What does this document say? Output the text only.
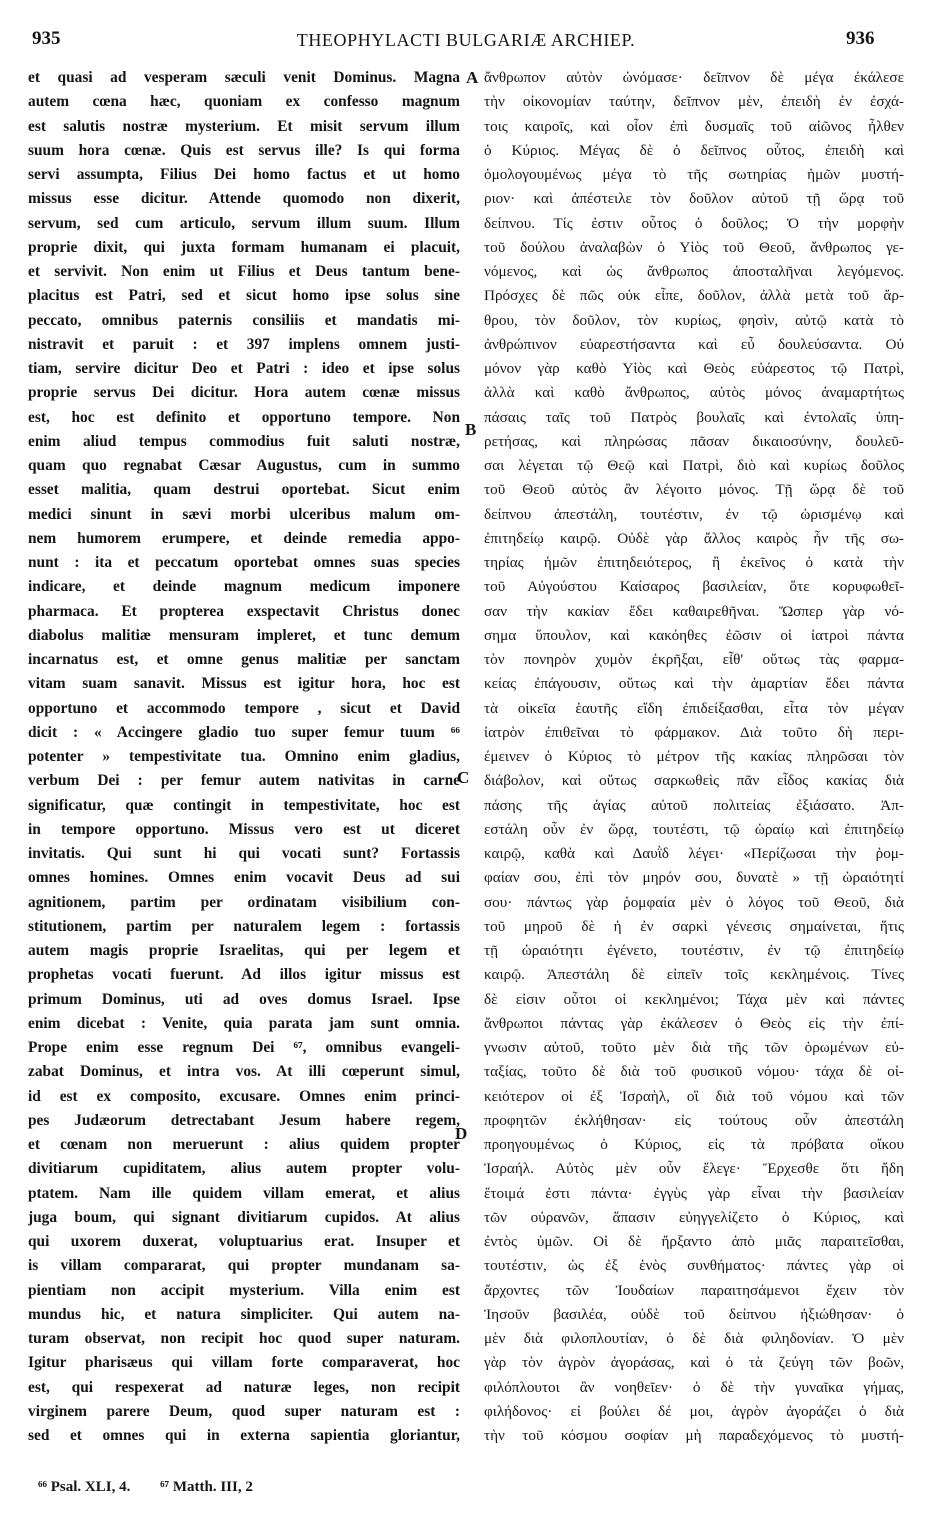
935	THEOPHYLACTI BULGARIÆ ARCHIEP.	936
et quasi ad vesperam sæculi venit Dominus. Magna
autem cœna hæc, quoniam ex confesso magnum
est salutis nostræ mysterium. Et misit servum illum
suum hora cœnæ. Quis est servus ille? Is qui forma
servi assumpta, Filius Dei homo factus et ut homo
missus esse dicitur. Attende quomodo non dixerit,
servum, sed cum articulo, servum illum suum. Illum
proprie dixit, qui juxta formam humanam ei placuit,
et servivit. Non enim ut Filius et Deus tantum bene-
placitus est Patri, sed et sicut homo ipse solus sine
peccato, omnibus paternis consiliis et mandatis mi-
nistravit et paruit : et 397 implens omnem justi-
tiam, servire dicitur Deo et Patri : ideo et ipse solus
proprie servus Dei dicitur. Hora autem cœnæ missus
est, hoc est definito et opportuno tempore. Non
enim aliud tempus commodius fuit saluti nostræ,
quam quo regnabat Cæsar Augustus, cum in summo
esset malitia, quam destrui oportebat. Sicut enim
medici sinunt in sævi morbi ulceribus malum om-
nem humorem erumpere, et deinde remedia appo-
nunt : ita et peccatum oportebat omnes suas species
indicare, et deinde magnum medicum imponere
pharmaca. Et propterea exspectavit Christus donec
diabolus malitiæ mensuram impleret, et tunc demum
incarnatus est, et omne genus malitiæ per sanctam
vitam suam sanavit. Missus est igitur hora, hoc est
opportuno et accommodo tempore , sicut et David
dicit : « Accingere gladio tuo super femur tuum ⁶⁶
potenter » tempestivitate tua. Omnino enim gladius,
verbum Dei : per femur autem nativitas in carne
significatur, quæ contingit in tempestivitate, hoc est
in tempore opportuno. Missus vero est ut diceret
invitatis. Qui sunt hi qui vocati sunt? Fortassis
omnes homines. Omnes enim vocavit Deus ad sui
agnitionem, partim per ordinatam visibilium con-
stitutionem, partim per naturalem legem : fortassis
autem magis proprie Israelitas, qui per legem et
prophetas vocati fuerunt. Ad illos igitur missus est
primum Dominus, uti ad oves domus Israel. Ipse
enim dicebat : Venite, quia parata jam sunt omnia.
Prope enim esse regnum Dei ⁶⁷, omnibus evangeli-
zabat Dominus, et intra vos. At illi cœperunt simul,
id est ex composito, excusare. Omnes enim princi-
pes Judæorum detrectabant Jesum habere regem,
et cœnam non meruerunt : alius quidem propter
divitiarum cupiditatem, alius autem propter volu-
ptatem. Nam ille quidem villam emerat, et alius
juga boum, qui signant divitiarum cupidos. At alius
qui uxorem duxerat, voluptuarius erat. Insuper et
is villam compararat, qui propter mundanam sa-
pientiam non accipit mysterium. Villa enim est
mundus hic, et natura simpliciter. Qui autem na-
turam observat, non recipit hoc quod super naturam.
Igitur pharisæus qui villam forte comparaverat, hoc
est, qui respexerat ad naturæ leges, non recipit
virginem parere Deum, quod super naturam est :
sed et omnes qui in externa sapientia gloriantur,
ἄνθρωπον αὐτὸν ὠνόμασε· δεῖπνον δὲ μέγα ἐκάλεσε
τὴν οἰκονομίαν ταύτην, δεῖπνον μὲν, ἐπειδὴ ἐν ἐσχά-
τοις καιροῖς, καὶ οἷον ἐπὶ δυσμαῖς τοῦ αἰῶνος ἦλθεν
ὁ Κύριος. Μέγας δὲ ὁ δεῖπνος οὗτος, ἐπειδὴ καὶ
ὁμολογουμένως μέγα τὸ τῆς σωτηρίας ἡμῶν μυστή-
ριον· καὶ ἀπέστειλε τὸν δοῦλον αὐτοῦ τῇ ὥρᾳ τοῦ
δείπνου. Τίς ἐστιν οὗτος ὁ δοῦλος; Ὁ τὴν μορφὴν
τοῦ δούλου ἀναλαβὼν ὁ Υἱὸς τοῦ Θεοῦ, ἄνθρωπος γε-
νόμενος, καὶ ὡς ἄνθρωπος ἀποσταλῆναι λεγόμενος.
Πρόσχες δὲ πῶς οὐκ εἶπε, δοῦλον, ἀλλὰ μετὰ τοῦ ἄρ-
θρου, τὸν δοῦλον, τὸν κυρίως, φησὶν, αὐτῷ κατὰ τὸ
ἀνθρώπινον εὐαρεστήσαντα καὶ εὖ δουλεύσαντα. Οὐ
μόνον γὰρ καθὸ Υἱὸς καὶ Θεὸς εὐάρεστος τῷ Πατρὶ,
ἀλλὰ καὶ καθὸ ἄνθρωπος, αὐτὸς μόνος ἀναμαρτήτως
πάσαις ταῖς τοῦ Πατρὸς βουλαῖς καὶ ἐντολαῖς ὑπη-
ρετήσας, καὶ πληρώσας πᾶσαν δικαιοσύνην, δουλεῦ-
σαι λέγεται τῷ Θεῷ καὶ Πατρὶ, διὸ καὶ κυρίως δοῦλος
τοῦ Θεοῦ αὐτὸς ἂν λέγοιτο μόνος. Τῇ ὥρᾳ δὲ τοῦ
δείπνου ἀπεστάλη, τουτέστιν, ἐν τῷ ὡρισμένῳ καὶ
ἐπιτηδείῳ καιρῷ. Οὐδὲ γὰρ ἄλλος καιρὸς ἦν τῆς σω-
τηρίας ἡμῶν ἐπιτηδειότερος, ἢ ἐκεῖνος ὁ κατὰ τὴν
τοῦ Αὐγούστου Καίσαρος βασιλείαν, ὅτε κορυφωθεῖ-
σαν τὴν κακίαν ἔδει καθαιρεθῆναι. Ὥσπερ γὰρ νό-
σημα ὕπουλον, καὶ κακόηθες ἐῶσιν οἱ ἰατροὶ πάντα
τὸν πονηρὸν χυμὸν ἐκρῆξαι, εἶθ' οὕτως τὰς φαρμα-
κείας ἐπάγουσιν, οὕτως καὶ τὴν ἁμαρτίαν ἔδει πάντα
τὰ οἰκεῖα ἑαυτῆς εἴδη ἐπιδείξασθαι, εἶτα τὸν μέγαν
ἰατρὸν ἐπιθεῖναι τὸ φάρμακον. Διὰ τοῦτο δὴ περι-
έμεινεν ὁ Κύριος τὸ μέτρον τῆς κακίας πληρῶσαι τὸν
διάβολον, καὶ οὕτως σαρκωθεὶς πᾶν εἶδος κακίας διὰ
πάσης τῆς ἁγίας αὐτοῦ πολιτείας ἐξιάσατο. Ἀπ-
εστάλη οὖν ἐν ὥρᾳ, τουτέστι, τῷ ὡραίῳ καὶ ἐπιτηδείῳ
καιρῷ, καθὰ καὶ Δαυῒδ λέγει· «Περίζωσαι τὴν ῥομ-
φαίαν σου, ἐπὶ τὸν μηρόν σου, δυνατὲ » τῇ ὡραιότητί
σου· πάντως γὰρ ῥομφαία μὲν ὁ λόγος τοῦ Θεοῦ, διὰ
τοῦ μηροῦ δὲ ἡ ἐν σαρκὶ γένεσις σημαίνεται, ἥτις
τῇ ὡραιότητι ἐγένετο, τουτέστιν, ἐν τῷ ἐπιτηδείῳ
καιρῷ. Ἀπεστάλη δὲ εἰπεῖν τοῖς κεκλημένοις. Τίνες
δὲ εἰσιν οὗτοι οἱ κεκλημένοι; Τάχα μὲν καὶ πάντες
ἄνθρωποι πάντας γὰρ ἐκάλεσεν ὁ Θεὸς εἰς τὴν ἐπί-
γνωσιν αὐτοῦ, τοῦτο μὲν διὰ τῆς τῶν ὁρωμένων εὐ-
ταξίας, τοῦτο δὲ διὰ τοῦ φυσικοῦ νόμου· τάχα δὲ οἰ-
κειότερον οἱ ἐξ Ἰσραὴλ, οἳ διὰ τοῦ νόμου καὶ τῶν
προφητῶν ἐκλήθησαν· εἰς τούτους οὖν ἀπεστάλη
προηγουμένως ὁ Κύριος, εἰς τὰ πρόβατα οἴκου
Ἰσραήλ. Αὐτὸς μὲν οὖν ἔλεγε· Ἔρχεσθε ὅτι ἤδη
ἕτοιμά ἐστι πάντα· ἐγγὺς γὰρ εἶναι τὴν βασιλείαν
τῶν οὐρανῶν, ἅπασιν εὐηγγελίζετο ὁ Κύριος, καὶ
ἐντὸς ὑμῶν. Οἱ δὲ ἤρξαντο ἀπὸ μιᾶς παραιτεῖσθαι,
τουτέστιν, ὡς ἐξ ἑνὸς συνθήματος· πάντες γὰρ οἱ
ἄρχοντες τῶν Ἰουδαίων παραιτησάμενοι ἔχειν τὸν
Ἰησοῦν βασιλέα, οὐδὲ τοῦ δείπνου ἠξιώθησαν· ὁ
μὲν διὰ φιλοπλουτίαν, ὁ δὲ διὰ φιληδονίαν. Ὁ μὲν
γὰρ τὸν ἀγρὸν ἀγοράσας, καὶ ὁ τὰ ζεύγη τῶν βοῶν,
φιλόπλουτοι ἂν νοηθεῖεν· ὁ δὲ τὴν γυναῖκα γήμας,
φιλήδονος· εἰ βούλει δέ μοι, ἀγρὸν ἀγοράζει ὁ διὰ
τὴν τοῦ κόσμου σοφίαν μὴ παραδεχόμενος τὸ μυστή-
A
B
C
D
⁶⁶ Psal. XLI, 4. ⁶⁷ Matth. III, 2
